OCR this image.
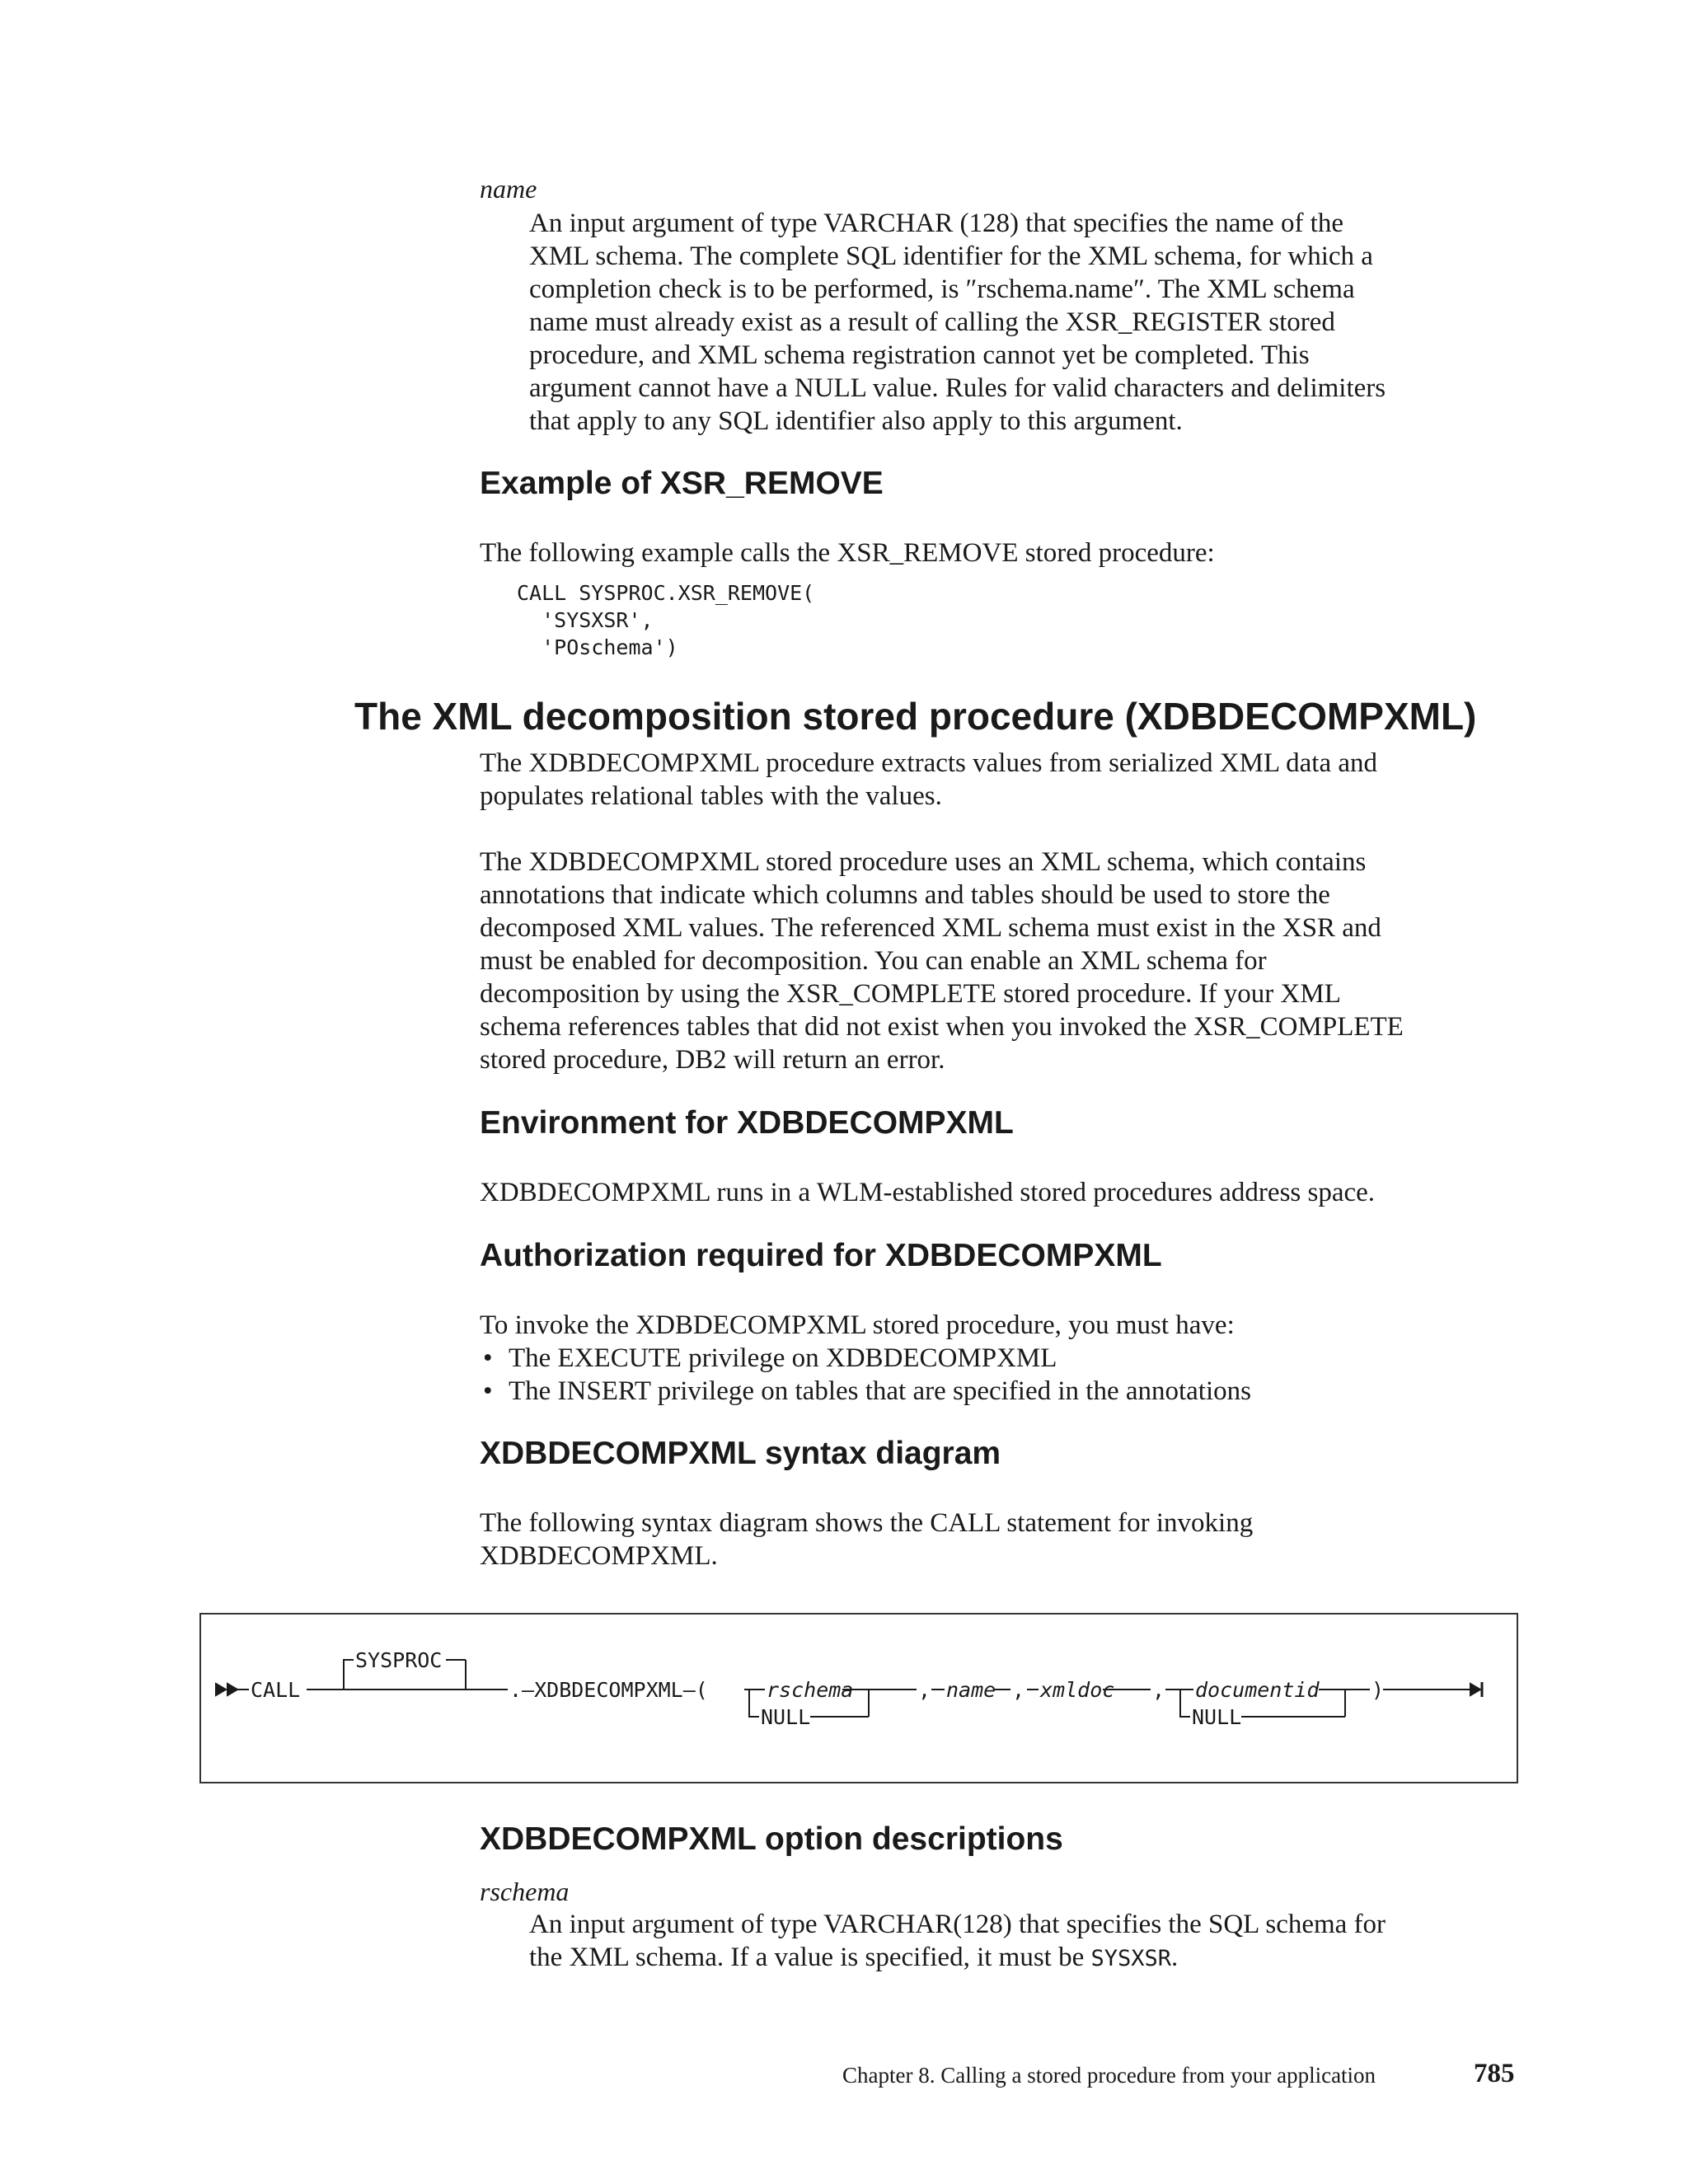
name
An input argument of type VARCHAR (128) that specifies the name of the
XML schema. The complete SQL identifier for the XML schema, for which a
completion check is to be performed, is ″rschema.name″. The XML schema
name must already exist as a result of calling the XSR_REGISTER stored
procedure, and XML schema registration cannot yet be completed. This
argument cannot have a NULL value. Rules for valid characters and delimiters
that apply to any SQL identifier also apply to this argument.
Example of XSR_REMOVE
The following example calls the XSR_REMOVE stored procedure:
CALL SYSPROC.XSR_REMOVE(
'SYSXSR',
'POschema')
The XML decomposition stored procedure (XDBDECOMPXML)
The XDBDECOMPXML procedure extracts values from serialized XML data and
populates relational tables with the values.
The XDBDECOMPXML stored procedure uses an XML schema, which contains
annotations that indicate which columns and tables should be used to store the
decomposed XML values. The referenced XML schema must exist in the XSR and
must be enabled for decomposition. You can enable an XML schema for
decomposition by using the XSR_COMPLETE stored procedure. If your XML
schema references tables that did not exist when you invoked the XSR_COMPLETE
stored procedure, DB2 will return an error.
Environment for XDBDECOMPXML
XDBDECOMPXML runs in a WLM-established stored procedures address space.
Authorization required for XDBDECOMPXML
To invoke the XDBDECOMPXML stored procedure, you must have:
• The EXECUTE privilege on XDBDECOMPXML
• The INSERT privilege on tables that are specified in the annotations
XDBDECOMPXML syntax diagram
The following syntax diagram shows the CALL statement for invoking
XDBDECOMPXML.
CALL
SYSPROC
.—XDBDECOMPXML—(	rschema
NULL
, name , xmldoc , documentid
NULL
)
XDBDECOMPXML option descriptions
rschema
An input argument of type VARCHAR(128) that specifies the SQL schema for
the XML schema. If a value is specified, it must be SYSXSR.
Chapter 8. Calling a stored procedure from your application	785
